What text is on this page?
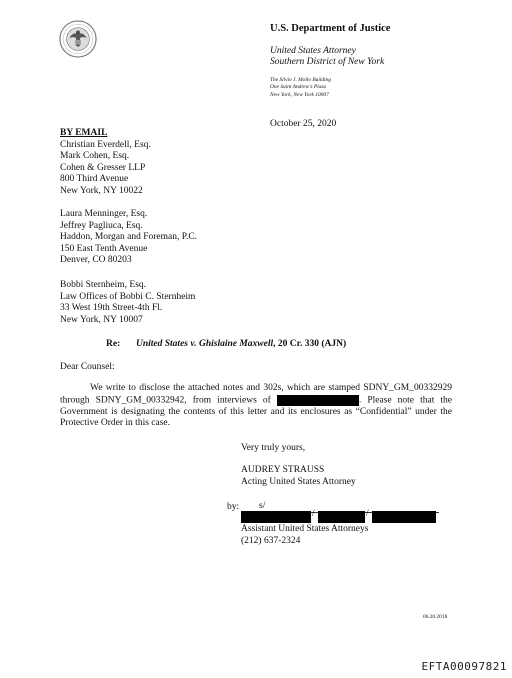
U.S. Department of Justice
United States Attorney
Southern District of New York
The Silvio J. Mollo Building
One Saint Andrew's Plaza
New York, New York 10007
October 25, 2020
BY EMAIL
Christian Everdell, Esq.
Mark Cohen, Esq.
Cohen & Gresser LLP
800 Third Avenue
New York, NY 10022
Laura Menninger, Esq.
Jeffrey Pagliuca, Esq.
Haddon, Morgan and Foreman, P.C.
150 East Tenth Avenue
Denver, CO 80203
Bobbi Sternheim, Esq.
Law Offices of Bobbi C. Sternheim
33 West 19th Street-4th Fl.
New York, NY 10007
Re: United States v. Ghislaine Maxwell, 20 Cr. 330 (AJN)
Dear Counsel:
We write to disclose the attached notes and 302s, which are stamped SDNY_GM_00332929 through SDNY_GM_00332942, from interviews of	. Please note that the Government is designating the contents of this letter and its enclosures as “Confidential” under the Protective Order in this case.
Very truly yours,
AUDREY STRAUSS
Acting United States Attorney
by: s/
/	/
Assistant United States Attorneys
(212) 637-2324
06.20.2018
EFTA00097821
